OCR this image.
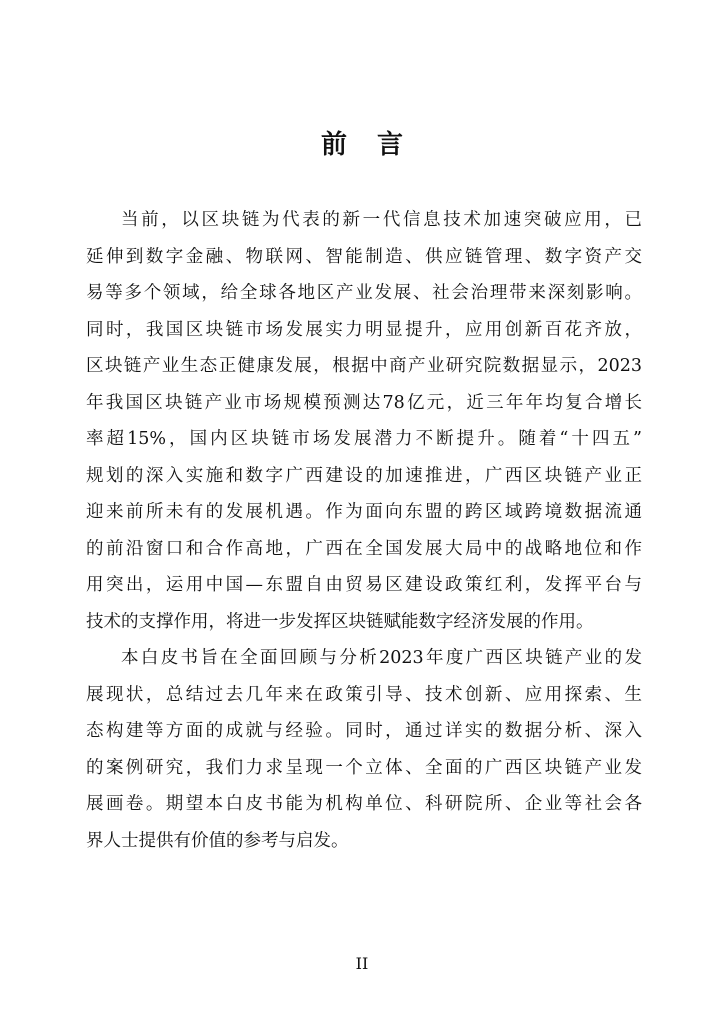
前言
当前，以区块链为代表的新一代信息技术加速突破应用，已
延伸到数字金融、物联网、智能制造、供应链管理、数字资产交
易等多个领域，给全球各地区产业发展、社会治理带来深刻影响。
同时，我国区块链市场发展实力明显提升，应用创新百花齐放，
区块链产业生态正健康发展，根据中商产业研究院数据显示，2023
年我国区块链产业市场规模预测达78亿元，近三年年均复合增长
率超15%，国内区块链市场发展潜力不断提升。随着“十四五”
规划的深入实施和数字广西建设的加速推进，广西区块链产业正
迎来前所未有的发展机遇。作为面向东盟的跨区域跨境数据流通
的前沿窗口和合作高地，广西在全国发展大局中的战略地位和作
用突出，运用中国—东盟自由贸易区建设政策红利，发挥平台与
技术的支撑作用，将进一步发挥区块链赋能数字经济发展的作用。
本白皮书旨在全面回顾与分析2023年度广西区块链产业的发
展现状，总结过去几年来在政策引导、技术创新、应用探索、生
态构建等方面的成就与经验。同时，通过详实的数据分析、深入
的案例研究，我们力求呈现一个立体、全面的广西区块链产业发
展画卷。期望本白皮书能为机构单位、科研院所、企业等社会各
界人士提供有价值的参考与启发。
II
